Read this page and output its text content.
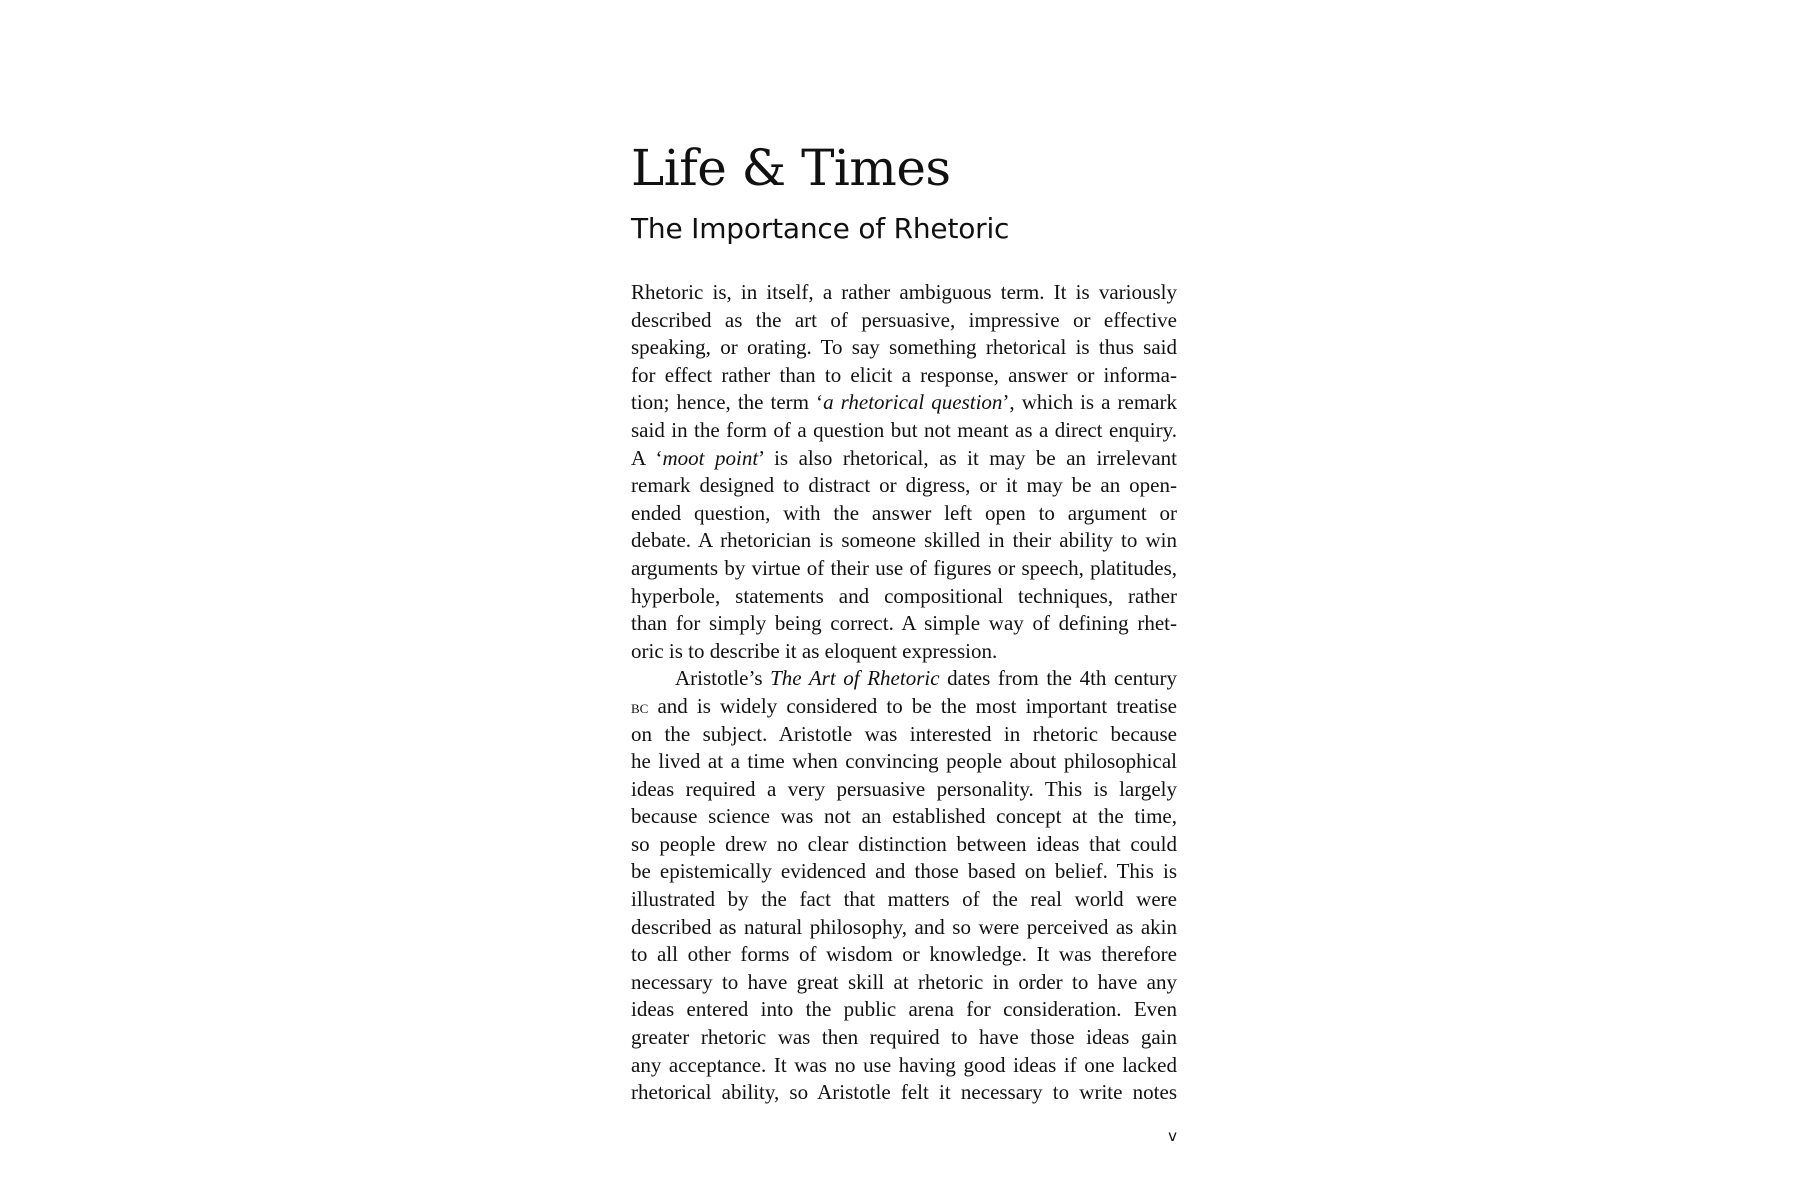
Life & Times
The Importance of Rhetoric
Rhetoric is, in itself, a rather ambiguous term. It is variously
described as the art of persuasive, impressive or effective
speaking, or orating. To say something rhetorical is thus said
for effect rather than to elicit a response, answer or informa-
tion; hence, the term ‘a rhetorical question’, which is a remark
said in the form of a question but not meant as a direct enquiry.
A ‘moot point’ is also rhetorical, as it may be an irrelevant
remark designed to distract or digress, or it may be an open-
ended question, with the answer left open to argument or
debate. A rhetorician is someone skilled in their ability to win
arguments by virtue of their use of figures or speech, platitudes,
hyperbole, statements and compositional techniques, rather
than for simply being correct. A simple way of defining rhet-
oric is to describe it as eloquent expression.
Aristotle’s The Art of Rhetoric dates from the 4th century
bc and is widely considered to be the most important treatise
on the subject. Aristotle was interested in rhetoric because
he lived at a time when convincing people about philosophical
ideas required a very persuasive personality. This is largely
because science was not an established concept at the time,
so people drew no clear distinction between ideas that could
be epistemically evidenced and those based on belief. This is
illustrated by the fact that matters of the real world were
described as natural philosophy, and so were perceived as akin
to all other forms of wisdom or knowledge. It was therefore
necessary to have great skill at rhetoric in order to have any
ideas entered into the public arena for consideration. Even
greater rhetoric was then required to have those ideas gain
any acceptance. It was no use having good ideas if one lacked
rhetorical ability, so Aristotle felt it necessary to write notes
v
